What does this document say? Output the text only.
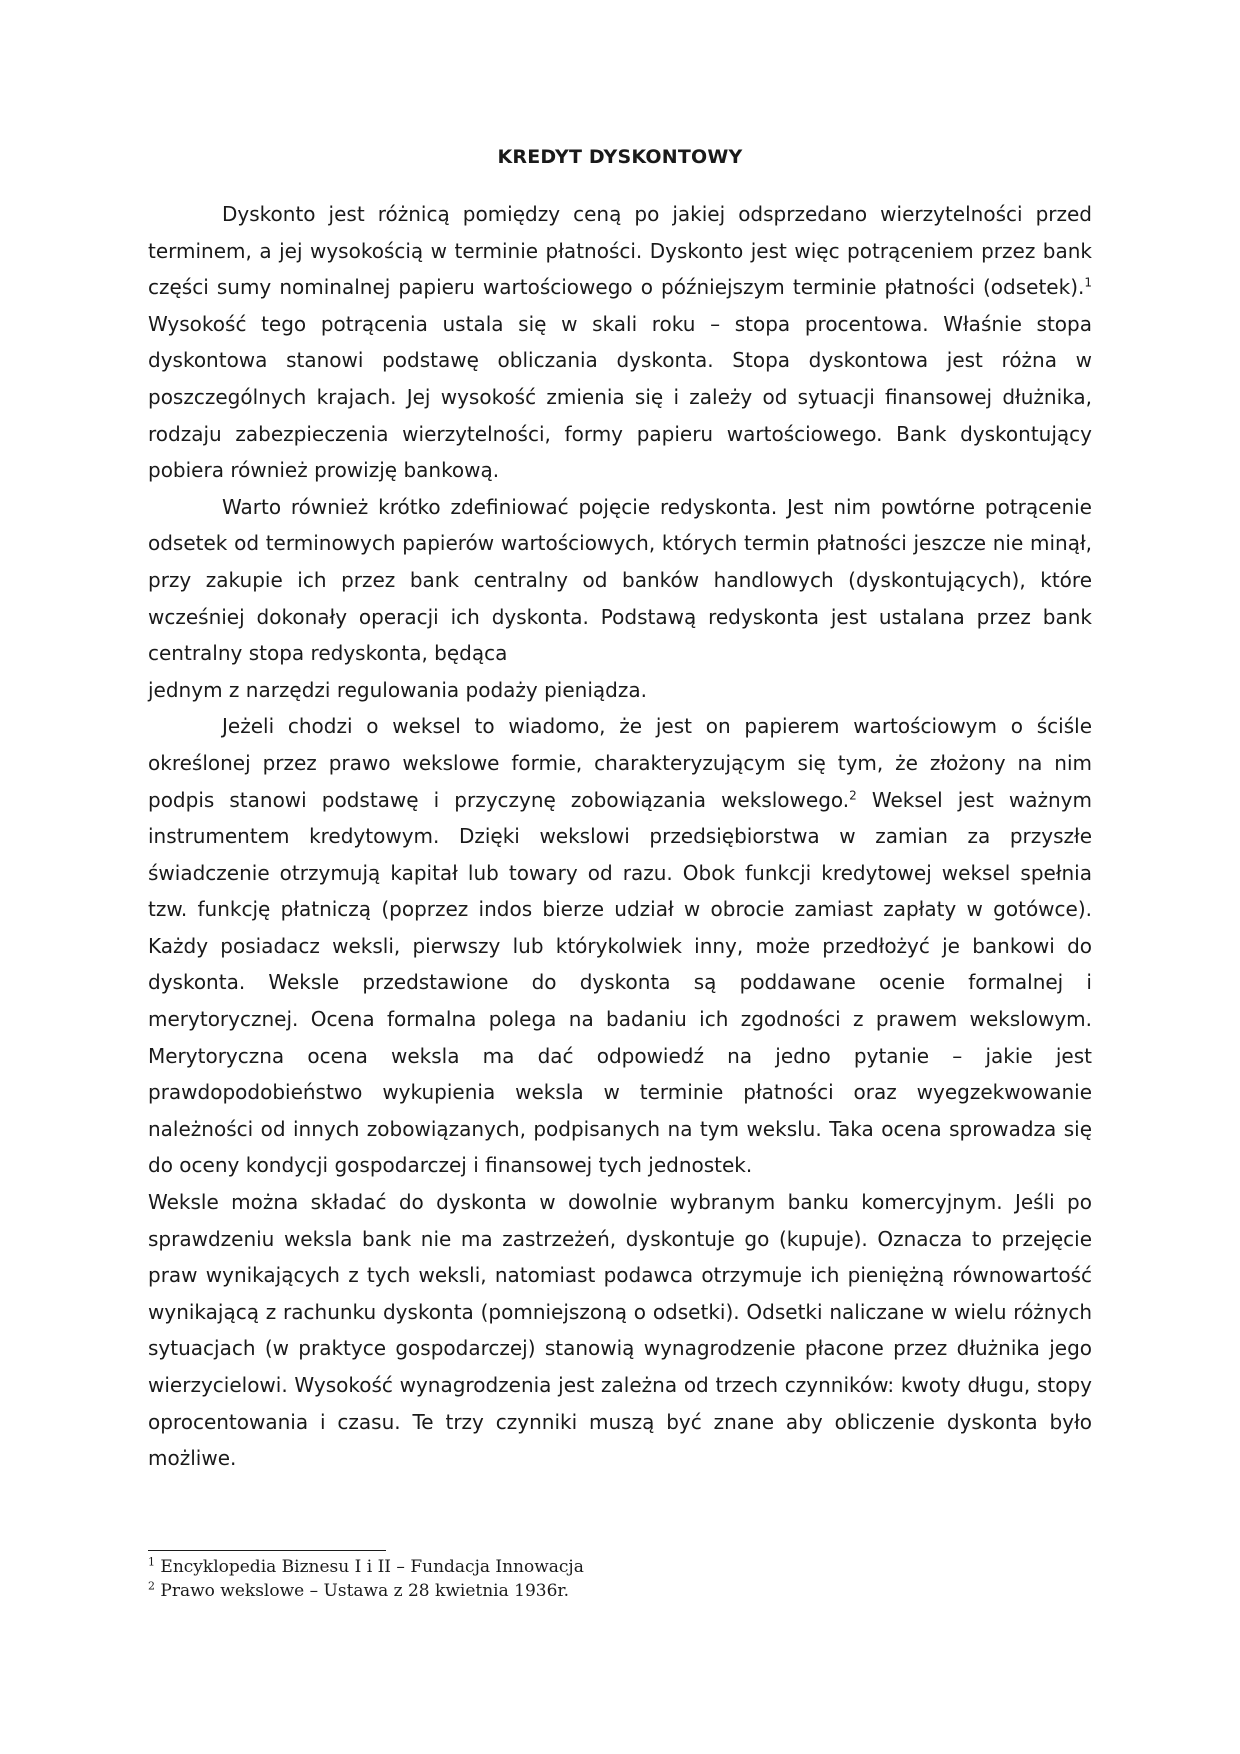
KREDYT DYSKONTOWY

Dyskonto jest różnicą pomiędzy ceną po jakiej odsprzedano wierzytelności przed terminem, a jej wysokością w terminie płatności. Dyskonto jest więc potrąceniem przez bank części sumy nominalnej papieru wartościowego o późniejszym terminie płatności (odsetek).$^1$ Wysokość tego potrącenia ustala się w skali roku – stopa procentowa. Właśnie stopa dyskontowa stanowi podstawę obliczania dyskonta. Stopa dyskontowa jest różna w poszczególnych krajach. Jej wysokość zmienia się i zależy od sytuacji finansowej dłużnika, rodzaju zabezpieczenia wierzytelności, formy papieru wartościowego. Bank dyskontujący pobiera również prowizję bankową.

Warto również krótko zdefiniować pojęcie redyskonta. Jest nim powtórne potrącenie odsetek od terminowych papierów wartościowych, których termin płatności jeszcze nie minął, przy zakupie ich przez bank centralny od banków handlowych (dyskontujących), które wcześniej dokonały operacji ich dyskonta. Podstawą redyskonta jest ustalana przez bank centralny stopa redyskonta, będąca

jednym z narzędzi regulowania podaży pieniądza.

Jeżeli chodzi o weksel to wiadomo, że jest on papierem wartościowym o ściśle określonej przez prawo wekslowe formie, charakteryzującym się tym, że złożony na nim podpis stanowi podstawę i przyczynę zobowiązania wekslowego.$^2$ Weksel jest ważnym instrumentem kredytowym. Dzięki wekslowi przedsiębiorstwa w zamian za przyszłe świadczenie otrzymują kapitał lub towary od razu. Obok funkcji kredytowej weksel spełnia tzw. funkcję płatniczą (poprzez indos bierze udział w obrocie zamiast zapłaty w gotówce). Każdy posiadacz weksli, pierwszy lub którykolwiek inny, może przedłożyć je bankowi do dyskonta. Weksle przedstawione do dyskonta są poddawane ocenie formalnej i merytorycznej. Ocena formalna polega na badaniu ich zgodności z prawem wekslowym. Merytoryczna ocena weksla ma dać odpowiedź na jedno pytanie – jakie jest prawdopodobieństwo wykupienia weksla w terminie płatności oraz wyegzekwowanie należności od innych zobowiązanych, podpisanych na tym wekslu. Taka ocena sprowadza się do oceny kondycji gospodarczej i finansowej tych jednostek.

Weksle można składać do dyskonta w dowolnie wybranym banku komercyjnym. Jeśli po sprawdzeniu weksla bank nie ma zastrzeżeń, dyskontuje go (kupuje). Oznacza to przejęcie praw wynikających z tych weksli, natomiast podawca otrzymuje ich pieniężną równowartość wynikającą z rachunku dyskonta (pomniejszoną o odsetki). Odsetki naliczane w wielu różnych sytuacjach (w praktyce gospodarczej) stanowią wynagrodzenie płacone przez dłużnika jego wierzycielowi. Wysokość wynagrodzenia jest zależna od trzech czynników: kwoty długu, stopy oprocentowania i czasu. Te trzy czynniki muszą być znane aby obliczenie dyskonta było możliwe.

$^1$ Encyklopedia Biznesu I i II – Fundacja Innowacja

$^2$ Prawo wekslowe – Ustawa z 28 kwietnia 1936r.
